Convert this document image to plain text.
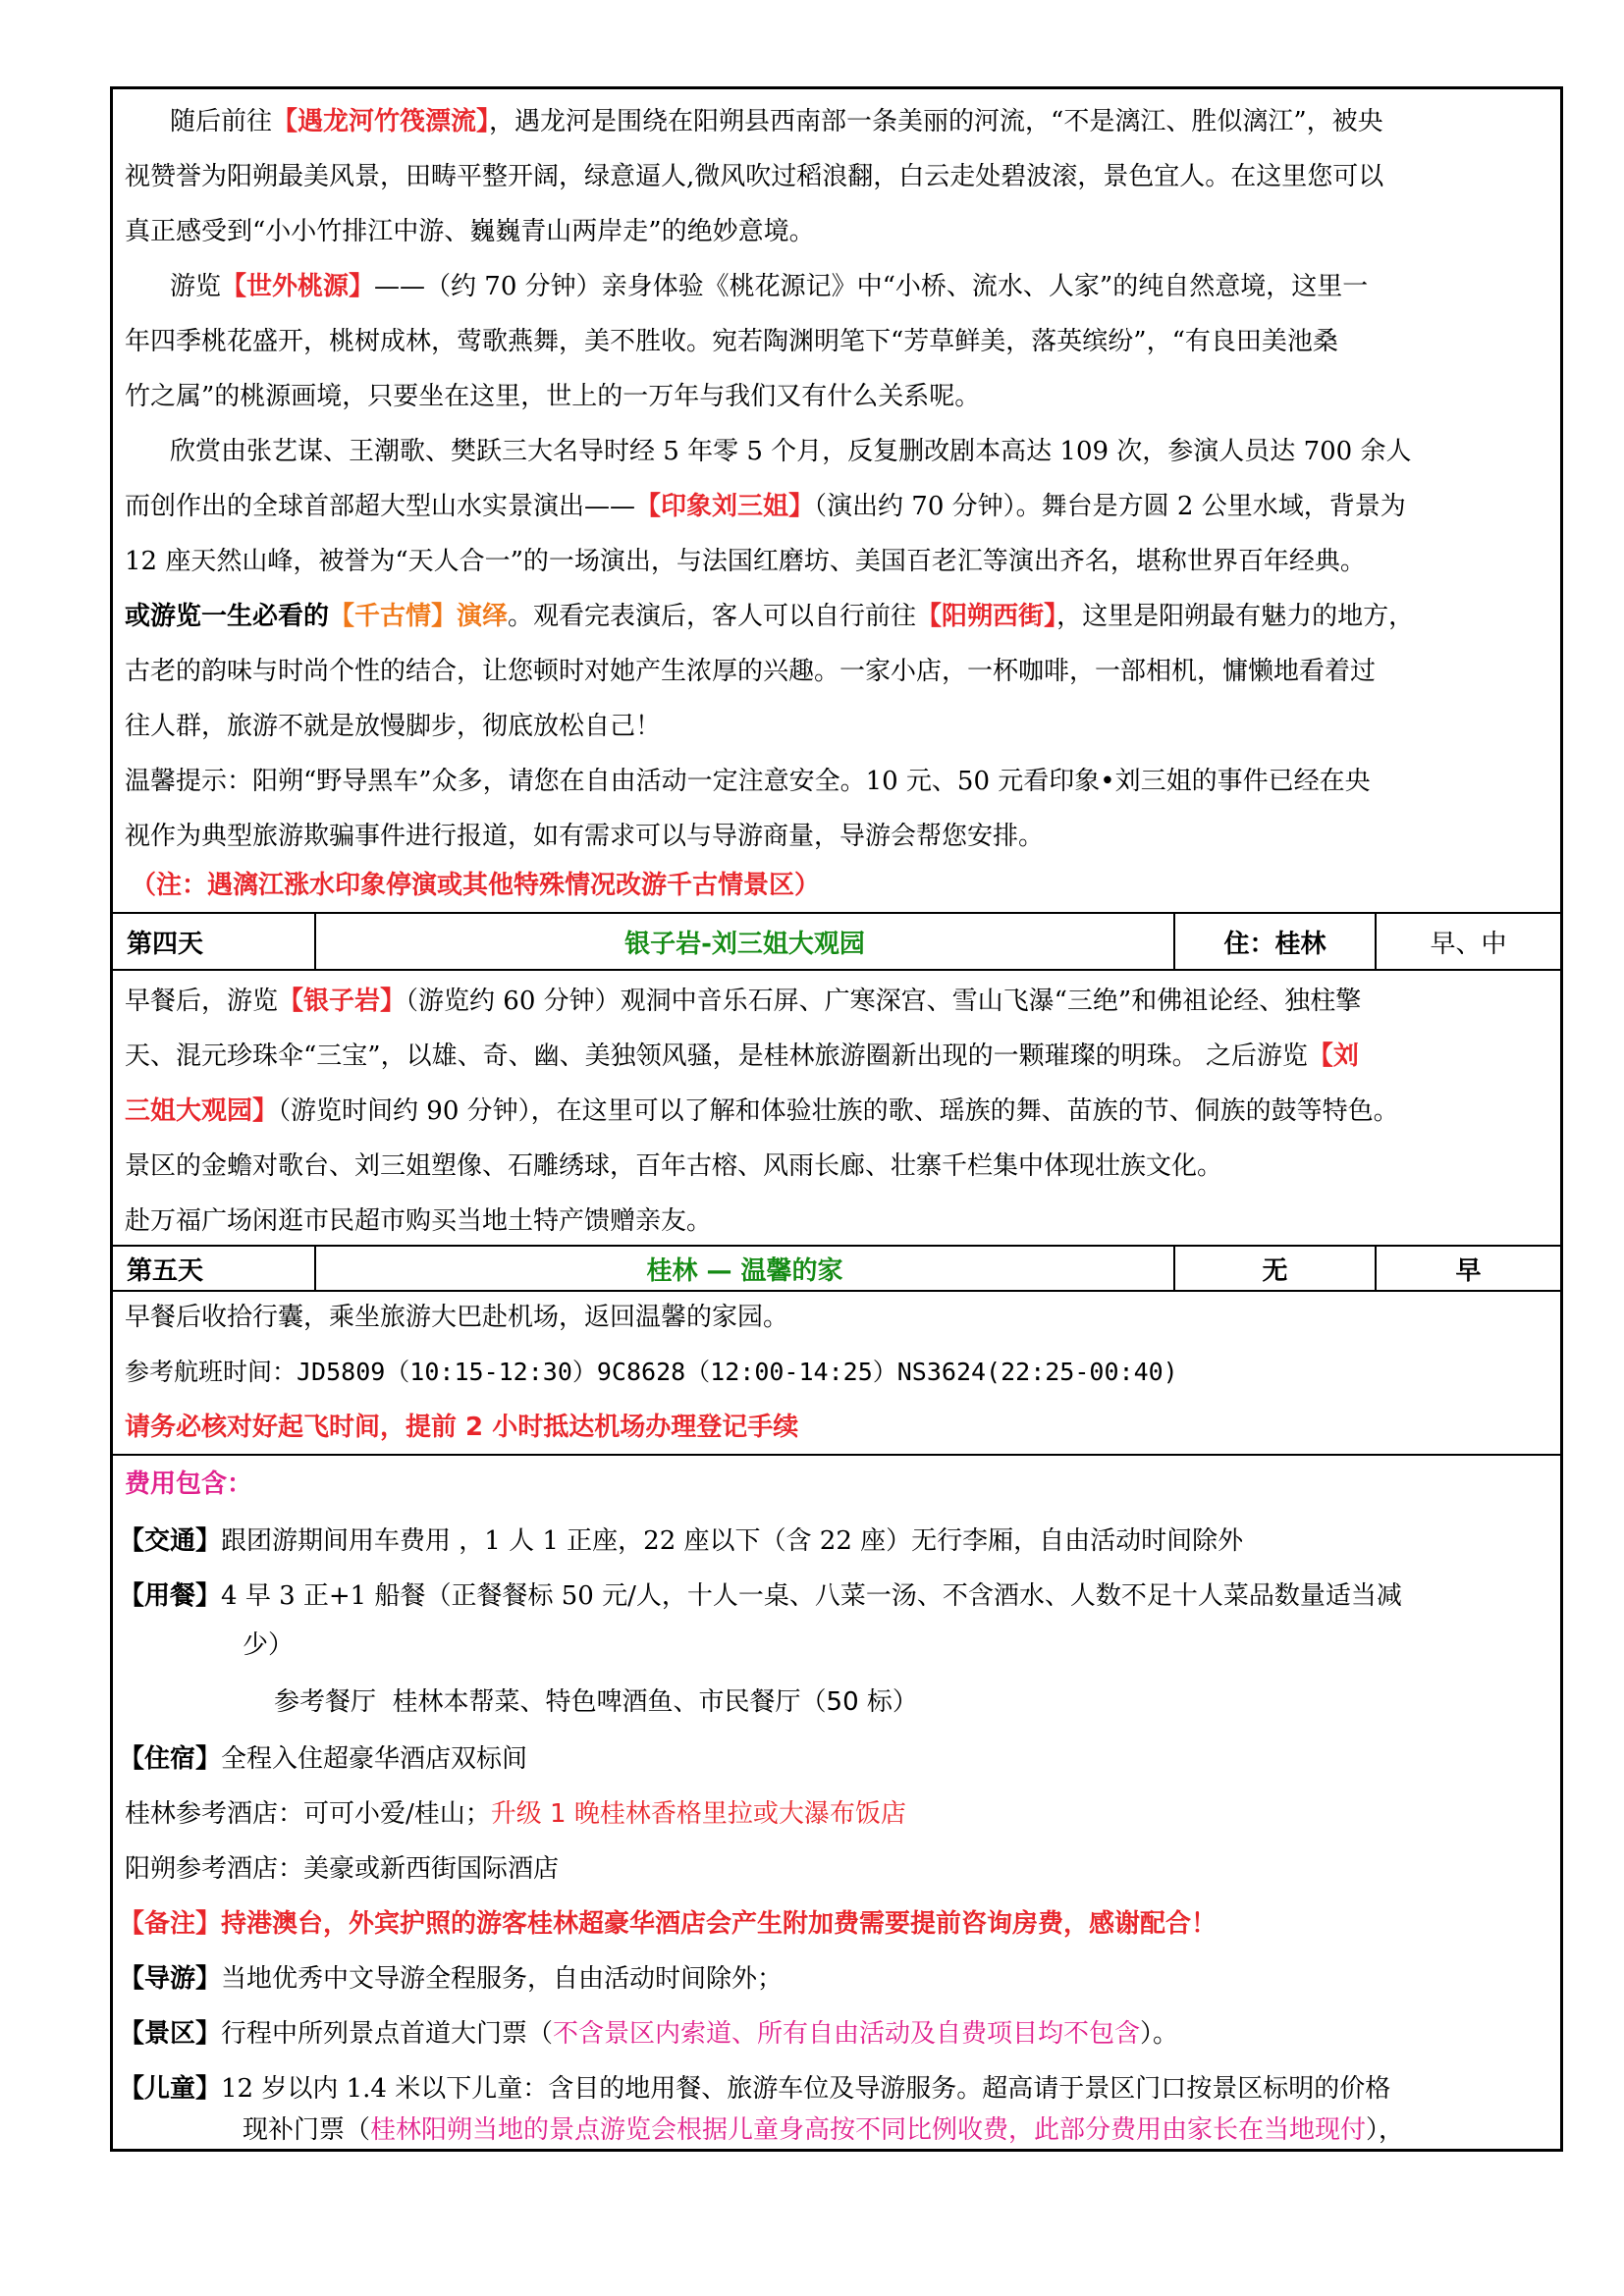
随后前往【遇龙河竹筏漂流】，遇龙河是围绕在阳朔县西南部一条美丽的河流，“不是漓江、胜似漓江”，被央
视赞誉为阳朔最美风景，田畴平整开阔，绿意逼人,微风吹过稻浪翻，白云走处碧波滚，景色宜人。在这里您可以
真正感受到“小小竹排江中游、巍巍青山两岸走”的绝妙意境。
游览【世外桃源】——（约 70 分钟）亲身体验《桃花源记》中“小桥、流水、人家”的纯自然意境，这里一
年四季桃花盛开，桃树成林，莺歌燕舞，美不胜收。宛若陶渊明笔下“芳草鲜美，落英缤纷”，“有良田美池桑
竹之属”的桃源画境，只要坐在这里，世上的一万年与我们又有什么关系呢。
欣赏由张艺谋、王潮歌、樊跃三大名导时经 5 年零 5 个月，反复删改剧本高达 109 次，参演人员达 700 余人
而创作出的全球首部超大型山水实景演出——【印象刘三姐】（演出约 70 分钟）。舞台是方圆 2 公里水域，背景为
12 座天然山峰，被誉为“天人合一”的一场演出，与法国红磨坊、美国百老汇等演出齐名，堪称世界百年经典。
或游览一生必看的【千古情】演绎。观看完表演后，客人可以自行前往【阳朔西街】，这里是阳朔最有魅力的地方，
古老的韵味与时尚个性的结合，让您顿时对她产生浓厚的兴趣。一家小店，一杯咖啡，一部相机，慵懒地看着过
往人群，旅游不就是放慢脚步，彻底放松自己！
温馨提示：阳朔“野导黑车”众多，请您在自由活动一定注意安全。10 元、50 元看印象•刘三姐的事件已经在央
视作为典型旅游欺骗事件进行报道，如有需求可以与导游商量，导游会帮您安排。
（注：遇漓江涨水印象停演或其他特殊情况改游千古情景区）
第四天	银子岩-刘三姐大观园	住：桂林	早、中
早餐后，游览【银子岩】（游览约 60 分钟）观洞中音乐石屏、广寒深宫、雪山飞瀑“三绝”和佛祖论经、独柱擎
天、混元珍珠伞“三宝”，以雄、奇、幽、美独领风骚，是桂林旅游圈新出现的一颗璀璨的明珠。 之后游览【刘
三姐大观园】（游览时间约 90 分钟），在这里可以了解和体验壮族的歌、瑶族的舞、苗族的节、侗族的鼓等特色。
景区的金蟾对歌台、刘三姐塑像、石雕绣球，百年古榕、风雨长廊、壮寨千栏集中体现壮族文化。
赴万福广场闲逛市民超市购买当地土特产馈赠亲友。
第五天	桂林 — 温馨的家	无	早
早餐后收拾行囊，乘坐旅游大巴赴机场，返回温馨的家园。
参考航班时间：JD5809（10:15-12:30）9C8628（12:00-14:25）NS3624(22:25-00:40)
请务必核对好起飞时间，提前 2 小时抵达机场办理登记手续
费用包含：
【交通】跟团游期间用车费用 ，1 人 1 正座，22 座以下（含 22 座）无行李厢，自由活动时间除外
【用餐】4 早 3 正+1 船餐（正餐餐标 50 元/人，十人一桌、八菜一汤、不含酒水、人数不足十人菜品数量适当减
少）
参考餐厅 桂林本帮菜、特色啤酒鱼、市民餐厅（50 标）
【住宿】全程入住超豪华酒店双标间
桂林参考酒店：可可小爱/桂山；升级 1 晚桂林香格里拉或大瀑布饭店
阳朔参考酒店：美豪或新西街国际酒店
【备注】持港澳台，外宾护照的游客桂林超豪华酒店会产生附加费需要提前咨询房费，感谢配合！
【导游】当地优秀中文导游全程服务，自由活动时间除外；
【景区】行程中所列景点首道大门票（不含景区内索道、所有自由活动及自费项目均不包含）。
【儿童】12 岁以内 1.4 米以下儿童：含目的地用餐、旅游车位及导游服务。超高请于景区门口按景区标明的价格
现补门票（桂林阳朔当地的景点游览会根据儿童身高按不同比例收费，此部分费用由家长在当地现付），
